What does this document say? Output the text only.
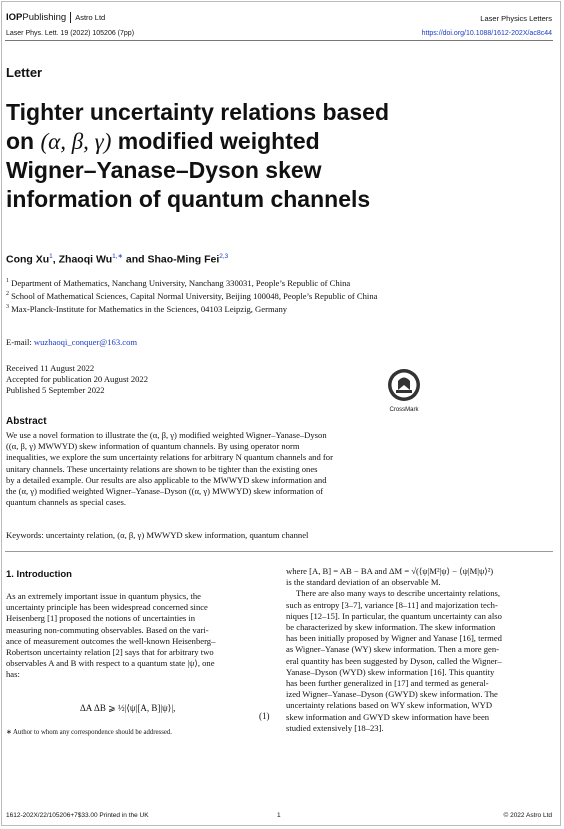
IOPPublishing Astro Ltd	Laser Physics Letters
Laser Phys. Lett. 19 (2022) 105206 (7pp)	https://doi.org/10.1088/1612-202X/ac8c44
Letter
Tighter uncertainty relations based
on (α, β, γ) modified weighted
Wigner–Yanase–Dyson skew
information of quantum channels
Cong Xu$^1$, Zhaoqi $Wu^{1,∗}$ and Shao-Ming Fei$^{2,3}$
$^1$ Department of Mathematics, Nanchang University, Nanchang 330031, People’s Republic of China
$^2$ School of Mathematical Sciences, Capital Normal University, Beijing 100048, People’s Republic of China
$^3$ Max-Planck-Institute for Mathematics in the Sciences, 04103 Leipzig, Germany
E-mail: wuzhaoqi_conquer@163.com
Received 11 August 2022
Accepted for publication 20 August 2022
Published 5 September 2022
CrossMark
Abstract
We use a novel formation to illustrate the (α, β, γ) modified weighted Wigner–Yanase–Dyson
((α, β, γ) MWWYD) skew information of quantum channels. By using operator norm
inequalities, we explore the sum uncertainty relations for arbitrary N quantum channels and for
unitary channels. These uncertainty relations are shown to be tighter than the existing ones
by a detailed example. Our results are also applicable to the MWWYD skew information and
the (α, γ) modified weighted Wigner–Yanase–Dyson ((α, γ) MWWYD) skew information of
quantum channels as special cases.
Keywords: uncertainty relation, (α, β, γ) MWWYD skew information, quantum channel
1. Introduction
As an extremely important issue in quantum physics, the
uncertainty principle has been widespread concerned since
Heisenberg [1] proposed the notions of uncertainties in
measuring non-commuting observables. Based on the vari-
ance of measurement outcomes the well-known Heisenberg–
Robertson uncertainty relation [2] says that for arbitrary two
observables A and B with respect to a quantum state |ψ⟩, one
has:
ΔA ΔB ⩾ ½|⟨ψ|[A, B]|ψ⟩|,
(1)
∗ Author to whom any correspondence should be addressed.

where [A, B] = AB − BA and ΔM = √(⟨ψ|M²|ψ⟩ − ⟨ψ|M|ψ⟩²)

is the standard deviation of an observable M.

There are also many ways to describe uncertainty relations,

such as entropy [3–7], variance [8–11] and majorization tech-

niques [12–15]. In particular, the quantum uncertainty can also

be characterized by skew information. The skew information

has been initially proposed by Wigner and Yanase [16], termed

as Wigner–Yanase (WY) skew information. Then a more gen-

eral quantity has been suggested by Dyson, called the Wigner–

Yanase–Dyson (WYD) skew information [16]. This quantity

has been further generalized in [17] and termed as general-

ized Wigner–Yanase–Dyson (GWYD) skew information. The

uncertainty relations based on WY skew information, WYD

skew information and GWYD skew information have been

studied extensively [18–23].

1612-202X/22/105206+7$33.00 Printed in the UK	1	© 2022 Astro Ltd
